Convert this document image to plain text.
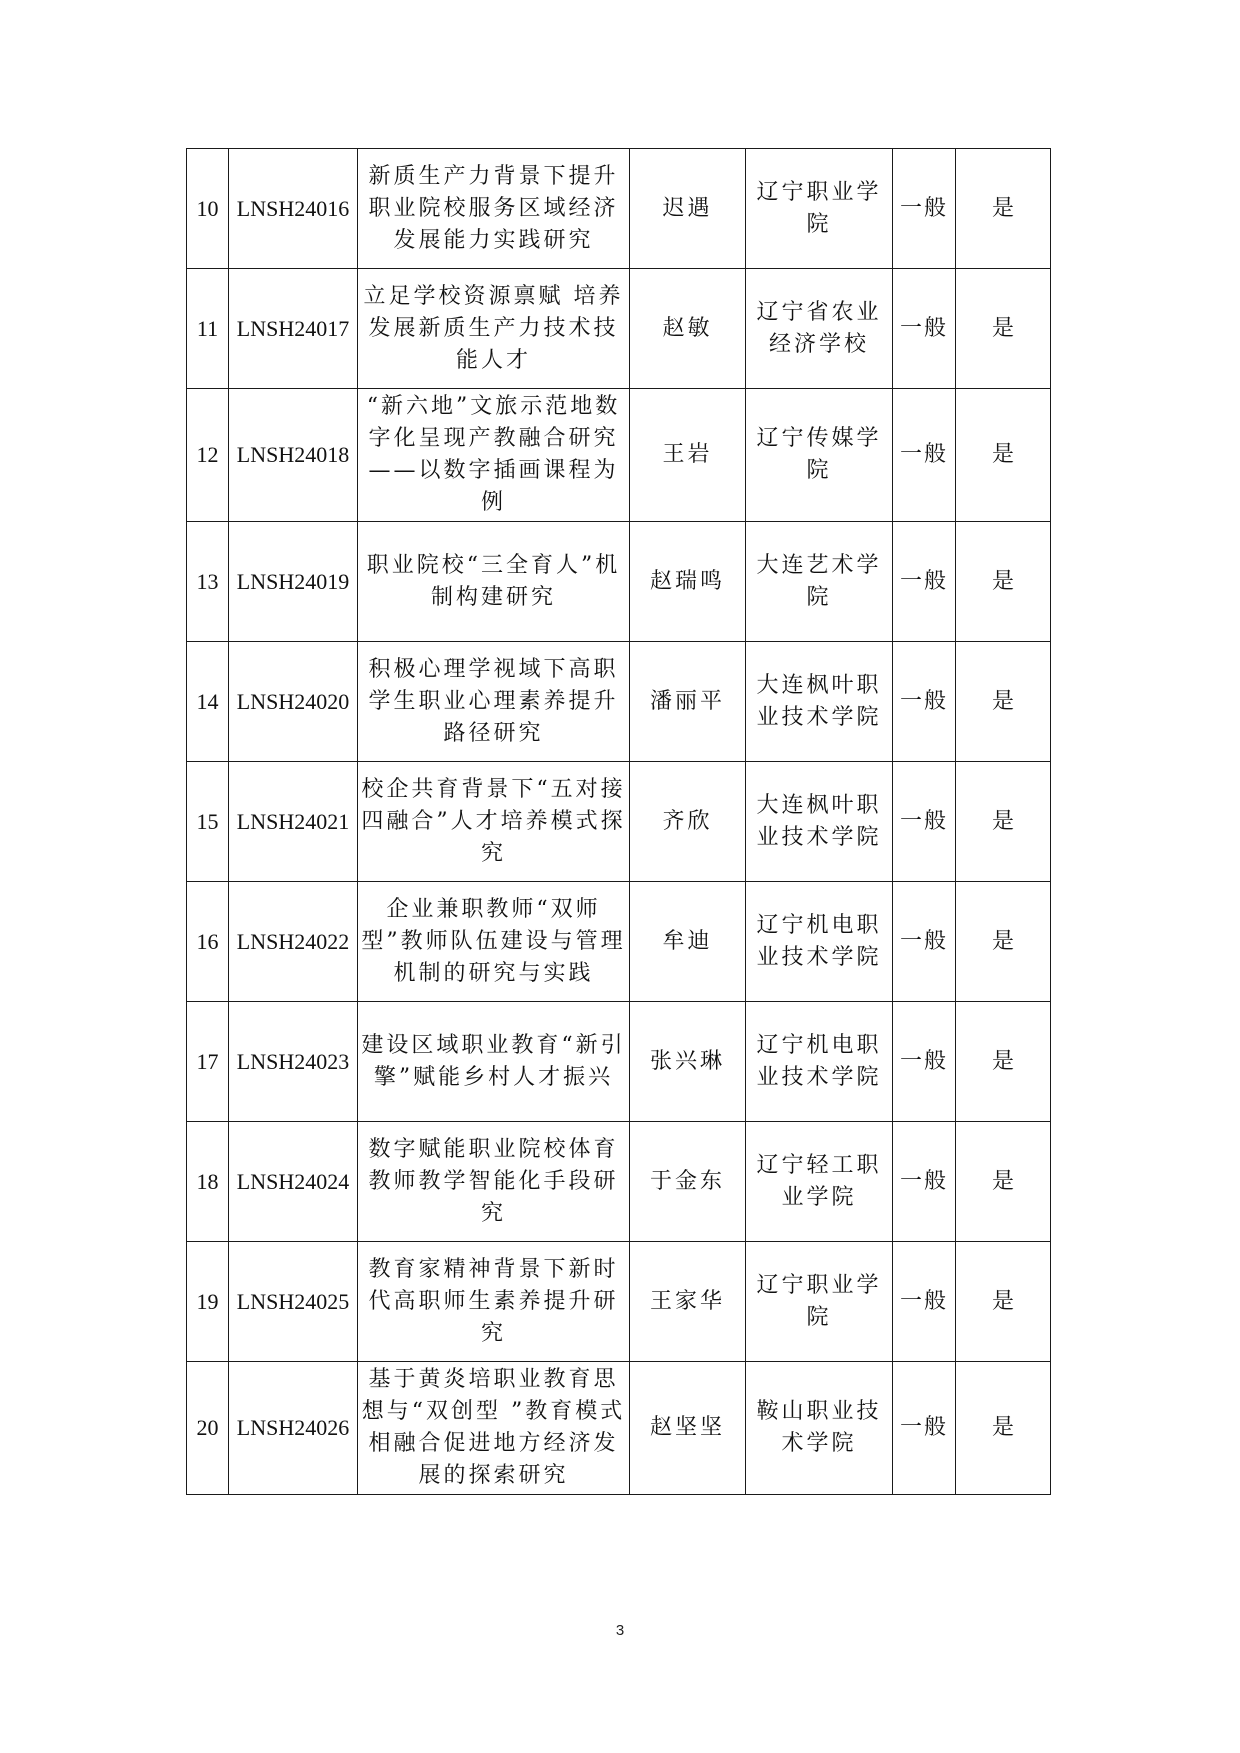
10	LNSH24016	新质生产力背景下提升职业院校服务区域经济发展能力实践研究	迟遇	辽宁职业学院	一般	是
11	LNSH24017	立足学校资源禀赋 培养发展新质生产力技术技能人才	赵敏	辽宁省农业经济学校	一般	是
12	LNSH24018	“新六地”文旅示范地数字化呈现产教融合研究——以数字插画课程为例	王岩	辽宁传媒学院	一般	是
13	LNSH24019	职业院校“三全育人”机制构建研究	赵瑞鸣	大连艺术学院	一般	是
14	LNSH24020	积极心理学视域下高职学生职业心理素养提升路径研究	潘丽平	大连枫叶职业技术学院	一般	是
15	LNSH24021	校企共育背景下“五对接四融合”人才培养模式探究	齐欣	大连枫叶职业技术学院	一般	是
16	LNSH24022	企业兼职教师“双师型”教师队伍建设与管理机制的研究与实践	牟迪	辽宁机电职业技术学院	一般	是
17	LNSH24023	建设区域职业教育“新引擎”赋能乡村人才振兴	张兴琳	辽宁机电职业技术学院	一般	是
18	LNSH24024	数字赋能职业院校体育教师教学智能化手段研究	于金东	辽宁轻工职业学院	一般	是
19	LNSH24025	教育家精神背景下新时代高职师生素养提升研究	王家华	辽宁职业学院	一般	是
20	LNSH24026	基于黄炎培职业教育思想与“双创型 ”教育模式相融合促进地方经济发展的探索研究	赵坚坚	鞍山职业技术学院	一般	是
3
